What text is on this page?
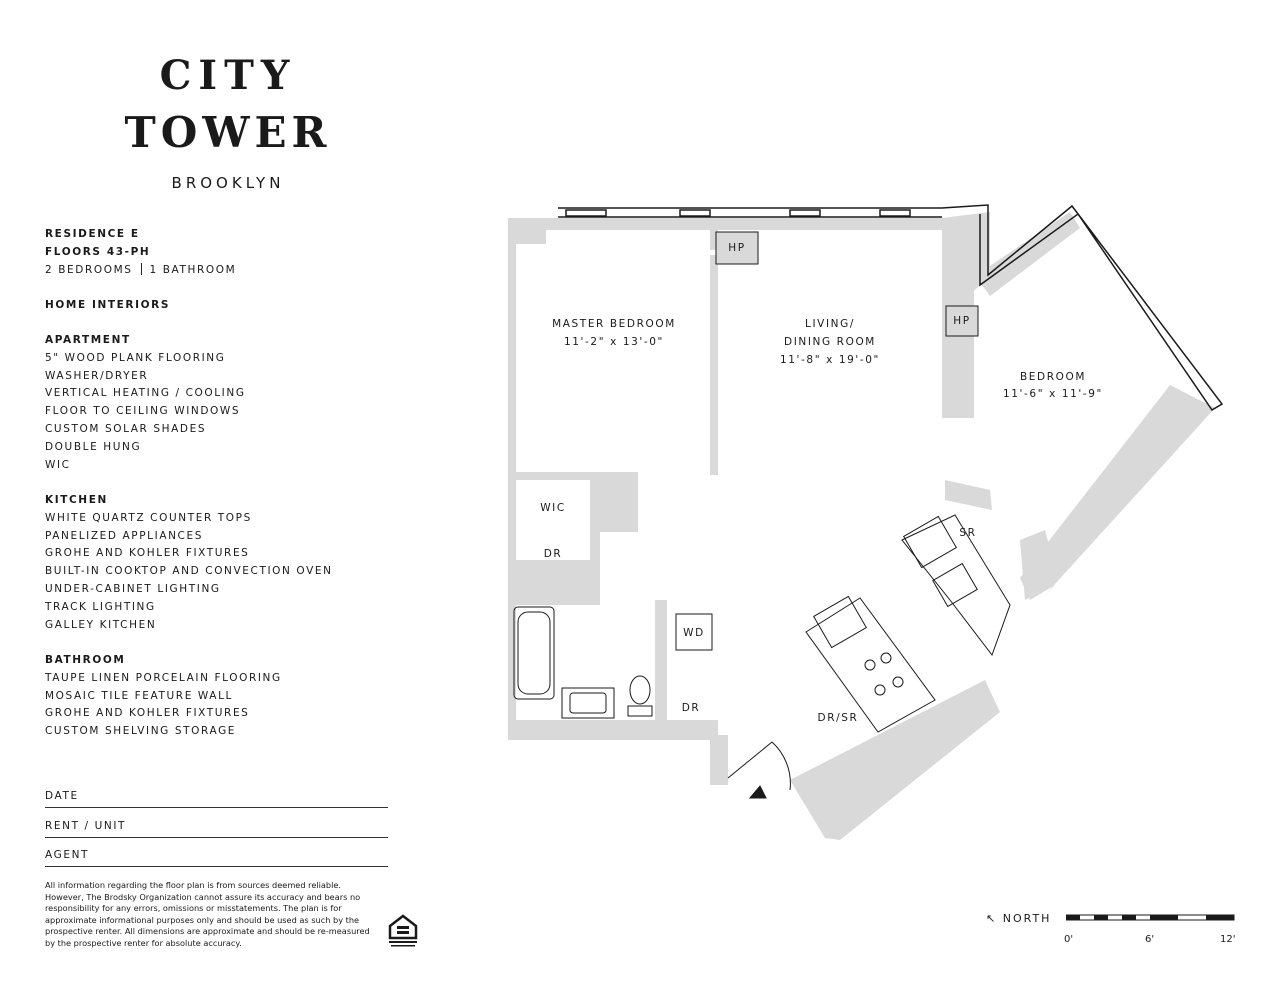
CITY
TOWER
BROOKLYN
RESIDENCE E
FLOORS 43-PH
2 BEDROOMS 1 BATHROOM
HOME INTERIORS
APARTMENT
5" WOOD PLANK FLOORING
WASHER/DRYER
VERTICAL HEATING / COOLING
FLOOR TO CEILING WINDOWS
CUSTOM SOLAR SHADES
DOUBLE HUNG
WIC
KITCHEN
WHITE QUARTZ COUNTER TOPS
PANELIZED APPLIANCES
GROHE AND KOHLER FIXTURES
BUILT-IN COOKTOP AND CONVECTION OVEN
UNDER-CABINET LIGHTING
TRACK LIGHTING
GALLEY KITCHEN
BATHROOM
TAUPE LINEN PORCELAIN FLOORING
MOSAIC TILE FEATURE WALL
GROHE AND KOHLER FIXTURES
CUSTOM SHELVING STORAGE
DATE
RENT / UNIT
AGENT
All information regarding the floor plan is from sources deemed reliable. However, The Brodsky Organization cannot assure its accuracy and bears no responsibility for any errors, omissions or misstatements. The plan is for approximate informational purposes only and should be used as such by the prospective renter. All dimensions are approximate and should be re-measured by the prospective renter for absolute accuracy.
MASTER BEDROOM
11'-2" x 13'-0"
LIVING/
DINING ROOM
11'-8" x 19'-0"
BEDROOM
11'-6" x 11'-9"
HP
HP
WIC
DR
DR
WD
SR
DR/SR
↖ NORTH
0'	6'	12'
